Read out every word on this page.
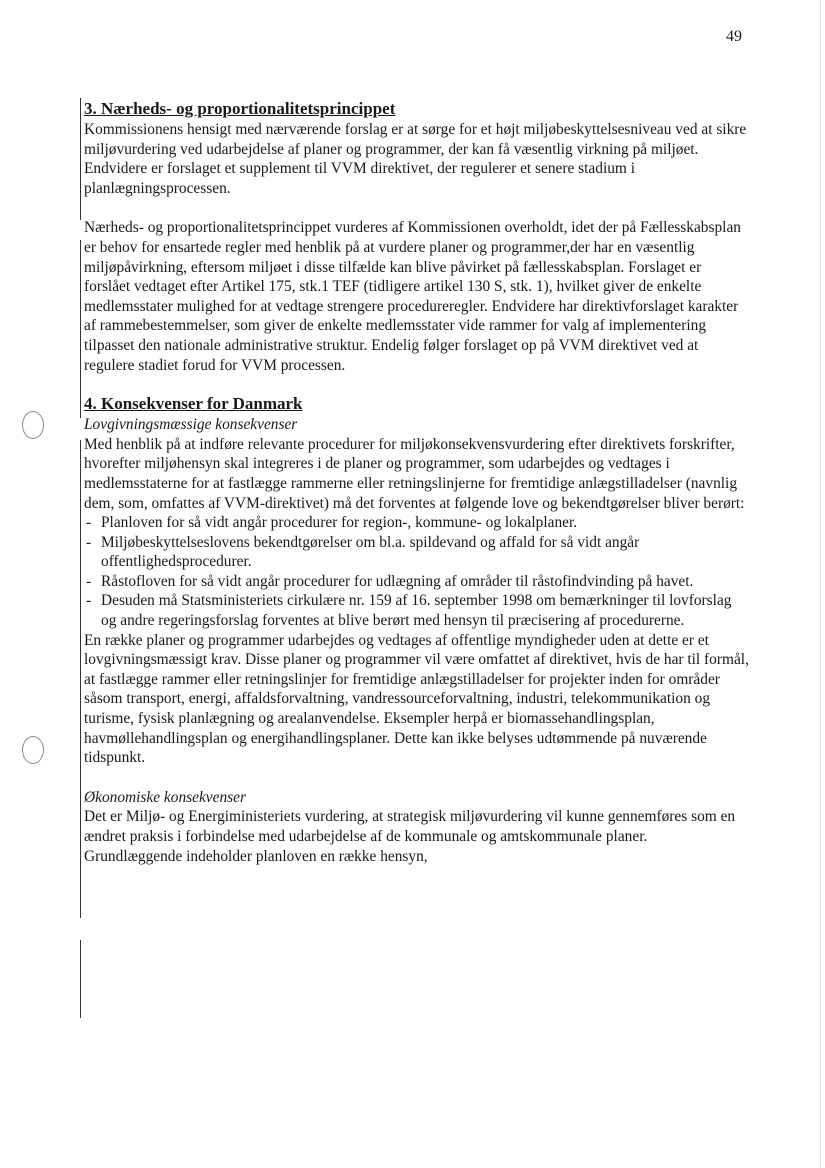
49
3. Nærheds- og proportionalitetsprincippet

Kommissionens hensigt med nærværende forslag er at sørge for et højt miljøbeskyttelsesniveau ved at sikre miljøvurdering ved udarbejdelse af planer og programmer, der kan få væsentlig virkning på miljøet. Endvidere er forslaget et supplement til VVM direktivet, der regulerer et senere stadium i planlægningsprocessen.

Nærheds- og proportionalitetsprincippet vurderes af Kommissionen overholdt, idet der på Fællesskabsplan er behov for ensartede regler med henblik på at vurdere planer og programmer,der har en væsentlig miljøpåvirkning, eftersom miljøet i disse tilfælde kan blive påvirket på fællesskabsplan. Forslaget er forslået vedtaget efter Artikel 175, stk.1 TEF (tidligere artikel 130 S, stk. 1), hvilket giver de enkelte medlemsstater mulighed for at vedtage strengere procedureregler. Endvidere har direktivforslaget karakter af rammebestemmelser, som giver de enkelte medlemsstater vide rammer for valg af implementering tilpasset den nationale administrative struktur. Endelig følger forslaget op på VVM direktivet ved at regulere stadiet forud for VVM processen.

4. Konsekvenser for Danmark

Lovgivningsmæssige konsekvenser

Med henblik på at indføre relevante procedurer for miljøkonsekvensvurdering efter direktivets forskrifter, hvorefter miljøhensyn skal integreres i de planer og programmer, som udarbejdes og vedtages i medlemsstaterne for at fastlægge rammerne eller retningslinjerne for fremtidige anlægstilladelser (navnlig dem, som, omfattes af VVM-direktivet) må det forventes at følgende love og bekendtgørelser bliver berørt:

- Planloven for så vidt angår procedurer for region-, kommune- og lokalplaner.
- Miljøbeskyttelseslovens bekendtgørelser om bl.a. spildevand og affald for så vidt angår offentlighedsprocedurer.
- Råstofloven for så vidt angår procedurer for udlægning af områder til råstofindvinding på havet.
- Desuden må Statsministeriets cirkulære nr. 159 af 16. september 1998 om bemærkninger til lovforslag og andre regeringsforslag forventes at blive berørt med hensyn til præcisering af procedurerne.

En række planer og programmer udarbejdes og vedtages af offentlige myndigheder uden at dette er et lovgivningsmæssigt krav. Disse planer og programmer vil være omfattet af direktivet, hvis de har til formål, at fastlægge rammer eller retningslinjer for fremtidige anlægstilladelser for projekter inden for områder såsom transport, energi, affaldsforvaltning, vandressourceforvaltning, industri, telekommunikation og turisme, fysisk planlægning og arealanvendelse. Eksempler herpå er biomassehandlingsplan, havmøllehandlingsplan og energihandlingsplaner. Dette kan ikke belyses udtømmende på nuværende tidspunkt.

Økonomiske konsekvenser

Det er Miljø- og Energiministeriets vurdering, at strategisk miljøvurdering vil kunne gennemføres som en ændret praksis i forbindelse med udarbejdelse af de kommunale og amtskommunale planer. Grundlæggende indeholder planloven en række hensyn,
